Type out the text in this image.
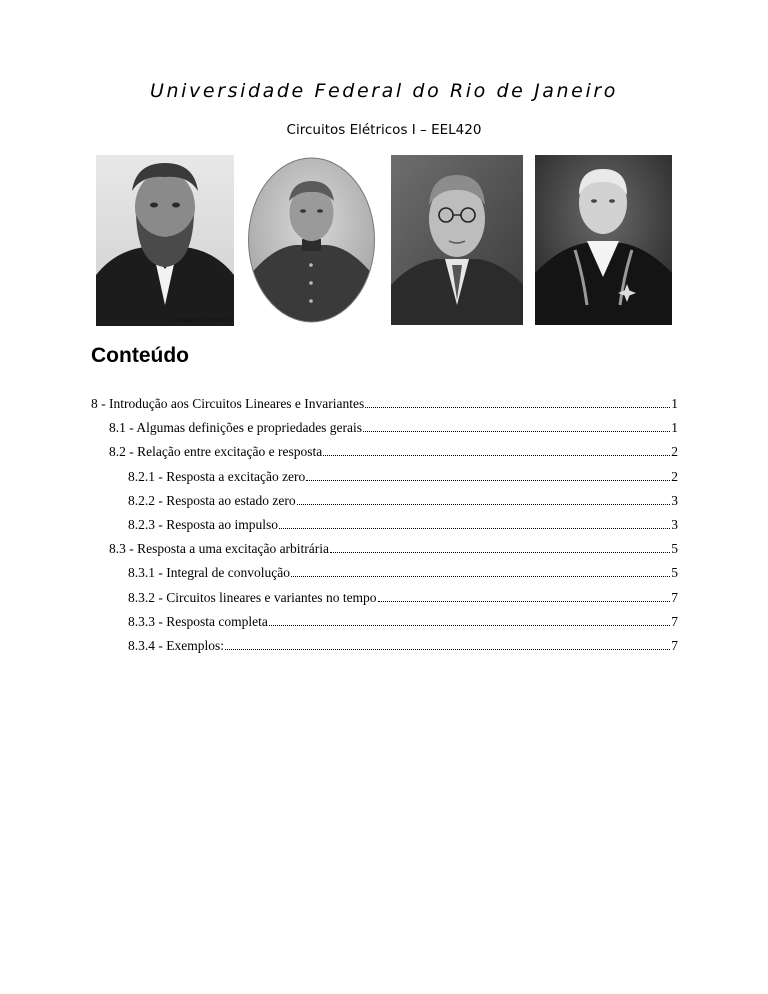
Universidade Federal do Rio de Janeiro
Circuitos Elétricos I – EEL420
Library of Congress
Conteúdo
8 - Introdução aos Circuitos Lineares e Invariantes	1
8.1 - Algumas definições e propriedades gerais	1
8.2 - Relação entre excitação e resposta	2
8.2.1 - Resposta a excitação zero	2
8.2.2 - Resposta ao estado zero	3
8.2.3 - Resposta ao impulso	3
8.3 - Resposta a uma excitação arbitrária	5
8.3.1 - Integral de convolução	5
8.3.2 - Circuitos lineares e variantes no tempo	7
8.3.3 - Resposta completa	7
8.3.4 - Exemplos:	7
